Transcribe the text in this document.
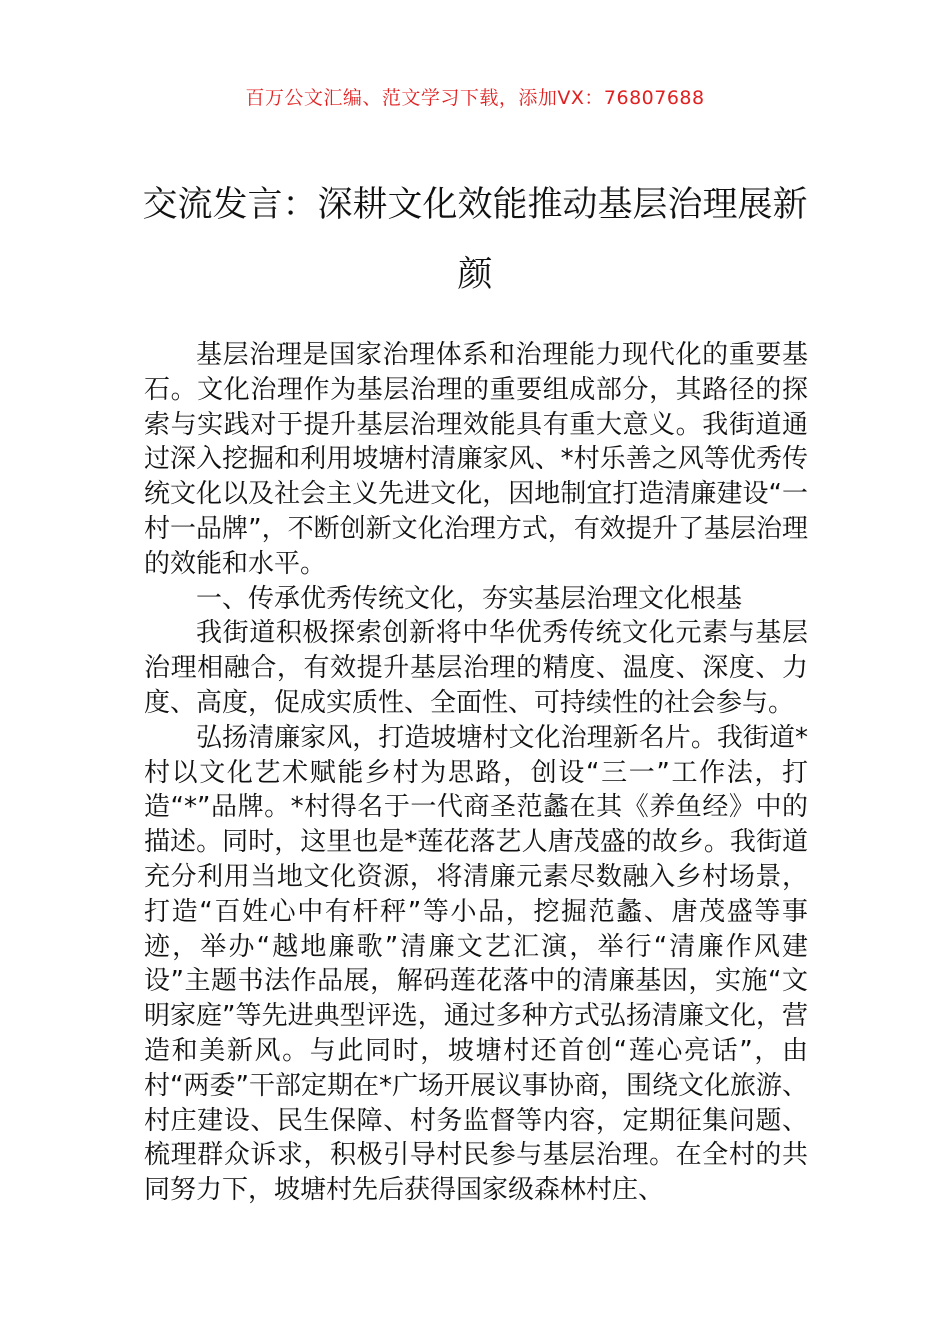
百万公文汇编、范文学习下载，添加VX：76807688
交流发言：深耕文化效能推动基层治理展新颜

基层治理是国家治理体系和治理能力现代化的重要基石。文化治理作为基层治理的重要组成部分，其路径的探索与实践对于提升基层治理效能具有重大意义。我街道通过深入挖掘和利用坡塘村清廉家风、*村乐善之风等优秀传统文化以及社会主义先进文化，因地制宜打造清廉建设“一村一品牌”，不断创新文化治理方式，有效提升了基层治理的效能和水平。

一、传承优秀传统文化，夯实基层治理文化根基

我街道积极探索创新将中华优秀传统文化元素与基层治理相融合，有效提升基层治理的精度、温度、深度、力度、高度，促成实质性、全面性、可持续性的社会参与。

弘扬清廉家风，打造坡塘村文化治理新名片。我街道*村以文化艺术赋能乡村为思路，创设“三一”工作法，打造“*”品牌。*村得名于一代商圣范蠡在其《养鱼经》中的描述。同时，这里也是*莲花落艺人唐茂盛的故乡。我街道充分利用当地文化资源，将清廉元素尽数融入乡村场景，打造“百姓心中有杆秤”等小品，挖掘范蠡、唐茂盛等事迹，举办“越地廉歌”清廉文艺汇演，举行“清廉作风建设”主题书法作品展，解码莲花落中的清廉基因，实施“文明家庭”等先进典型评选，通过多种方式弘扬清廉文化，营造和美新风。与此同时，坡塘村还首创“莲心亮话”，由村“两委”干部定期在*广场开展议事协商，围绕文化旅游、村庄建设、民生保障、村务监督等内容，定期征集问题、梳理群众诉求，积极引导村民参与基层治理。在全村的共同努力下，坡塘村先后获得国家级森林村庄、
